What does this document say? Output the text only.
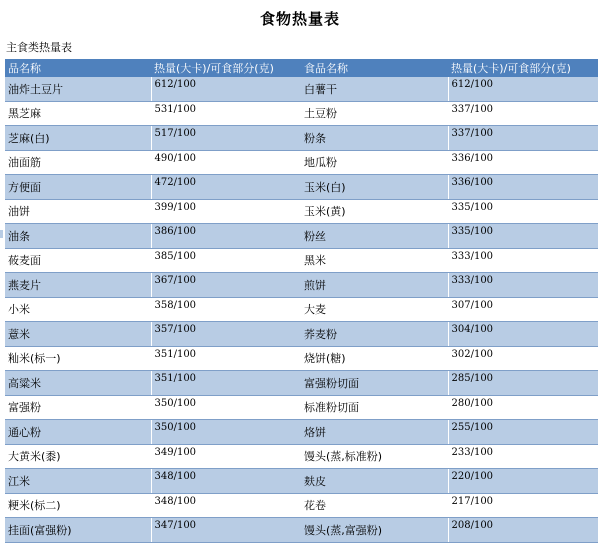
食物热量表
主食类热量表
品名称	热量(大卡)/可食部分(克)	食品名称	热量(大卡)/可食部分(克)
油炸土豆片	612/100	白薯干	612/100
黑芝麻	531/100	土豆粉	337/100
芝麻(白)	517/100	粉条	337/100
油面筋	490/100	地瓜粉	336/100
方便面	472/100	玉米(白)	336/100
油饼	399/100	玉米(黄)	335/100
油条	386/100	粉丝	335/100
莜麦面	385/100	黑米	333/100
燕麦片	367/100	煎饼	333/100
小米	358/100	大麦	307/100
薏米	357/100	荞麦粉	304/100
籼米(标一)	351/100	烧饼(糖)	302/100
高粱米	351/100	富强粉切面	285/100
富强粉	350/100	标准粉切面	280/100
通心粉	350/100	烙饼	255/100
大黄米(黍)	349/100	馒头(蒸,标准粉)	233/100
江米	348/100	麸皮	220/100
粳米(标二)	348/100	花卷	217/100
挂面(富强粉)	347/100	馒头(蒸,富强粉)	208/100
